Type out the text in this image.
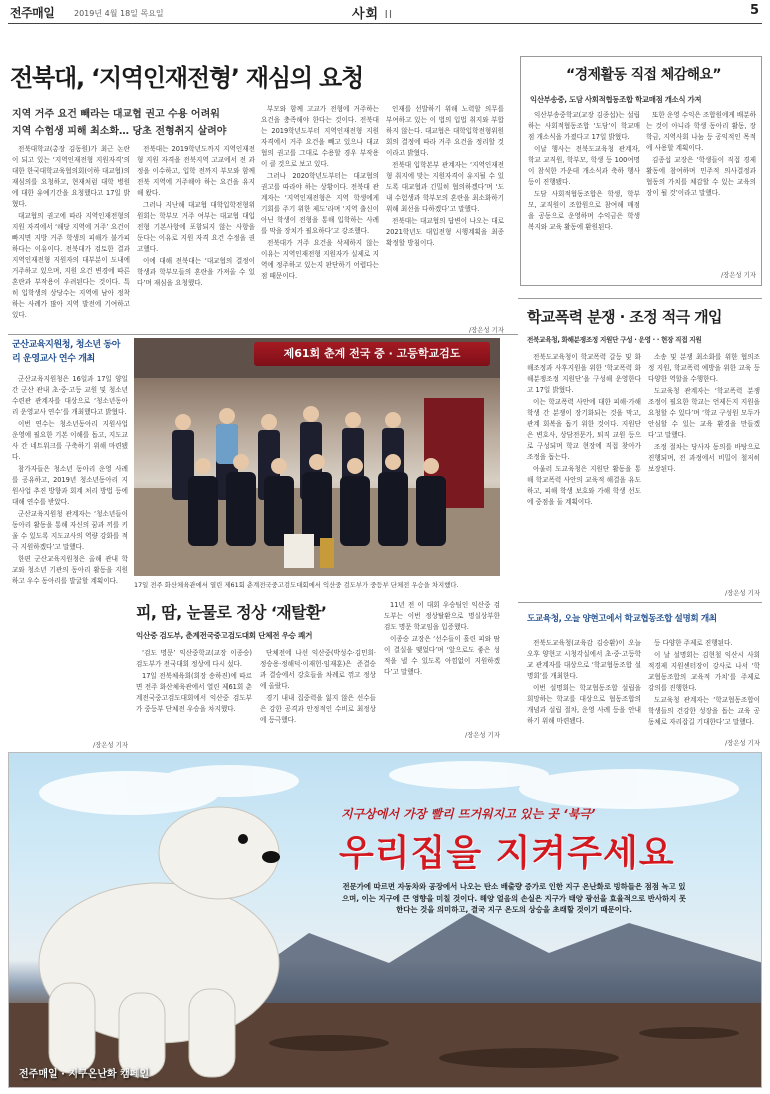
전주매일 2019년 4월 18일 목요일	사회 II	5
전북대, ‘지역인재전형’ 재심의 요청
지역 거주 요건 빼라는 대교협 권고 수용 어려워
지역 수험생 피해 최소화… 당초 전형취지 살려야

전북대학교(총장 김동원)가 최근 논란이 되고 있는 ‘지역인재전형 지원자격’의 대한 한국대학교육협의회(이하 대교협)의 재심의를 요청하고, 현재처럼 대학 병원에 대한 유예기간을 요청했다고 17일 밝혔다.

대교협의 권고에 따라 지역인재전형의 지원 자격에서 ‘해당 지역에 거주’ 요건이 빠지면 지방 거주 학생의 피해가 불가피하다는 이유이다. 전북대가 검토한 결과 지역인재전형 지원자의 대부분이 도내에 거주하고 있으며, 지원 요건 변경에 따른 혼란과 부작용이 우려된다는 것이다. 특히 입학생의 상당수는 지역에 남아 정착하는 사례가 많아 지역 발전에 기여하고 있다.

전북대는 2019학년도까지 지역인재전형 지원 자격을 전북지역 고교에서 전 과정을 이수하고, 입학 전까지 부모와 함께 전북 지역에 거주해야 하는 요건을 유지해 왔다.

그러나 지난해 대교협 대학입학전형위원회는 학부모 거주 여부는 대교협 대입전형 기본사항에 포함되지 않는 사항을 둔다는 이유로 지원 자격 요건 수정을 권고했다.

이에 대해 전북대는 ‘대교협의 결정이 학생과 학부모들의 혼란을 가져올 수 있다’며 재심을 요청했다.

부모와 함께 고교가 전형에 거주하는 요건을 충족해야 한다는 것이다. 전북대는 2019학년도부터 지역인재전형 지원자격에서 거주 요건을 빼고 있으나 대교협의 권고를 그대로 수용할 경우 부작용이 클 것으로 보고 있다.

그러나 2020학년도부터는 대교협의 권고를 따라야 하는 상황이다. 전북대 관계자는 ‘지역인재전형은 지역 학생에게 기회를 주기 위한 제도’라며 ‘지역 출신이 아닌 학생이 전형을 통해 입학하는 사례를 막을 장치가 필요하다’고 강조했다.

전북대가 거주 요건을 삭제하지 않는 이유는 지역인재전형 지원자가 실제로 지역에 정주하고 있는지 판단하기 어렵다는 점 때문이다.

인재를 선발하기 위해 노력할 의무를 부여하고 있는 이 법의 입법 취지와 부합하지 않는다. 대교협은 대학입학전형위원회의 결정에 따라 거주 요건을 정리할 것이라고 밝혔다.

전북대 입학본부 관계자는 ‘지역인재전형 취지에 맞는 지원자격이 유지될 수 있도록 대교협과 긴밀히 협의하겠다’며 ‘도내 수험생과 학부모의 혼란을 최소화하기 위해 최선을 다하겠다’고 말했다.

전북대는 대교협의 답변이 나오는 대로 2021학년도 대입전형 시행계획을 최종 확정할 방침이다.

/장은성 기자
“경제활동 직접 체감해요”
익산부송중, 도담 사회적협동조합 학교매점 개소식 가져

익산부송중학교(교장 김종섭)는 설립하는 사회적협동조합 ‘도담’이 학교매점 개소식을 가졌다고 17일 밝혔다.

이날 행사는 전북도교육청 관계자, 학교 교직원, 학부모, 학생 등 100여명이 참석한 가운데 개소식과 축하 행사 등이 진행됐다.

도담 사회적협동조합은 학생, 학부모, 교직원이 조합원으로 참여해 매점을 공동으로 운영하며 수익금은 학생 복지와 교육 활동에 환원된다.

또한 운영 수익은 조합원에게 배분하는 것이 아니라 학생 동아리 활동, 장학금, 지역사회 나눔 등 공익적인 목적에 사용할 계획이다.

김종섭 교장은 ‘학생들이 직접 경제활동에 참여하며 민주적 의사결정과 협동의 가치를 체감할 수 있는 교육의 장이 될 것’이라고 말했다.

/장은성 기자
학교폭력 분쟁 · 조정 적극 개입
전북교육청, 화해분쟁조정 지원단 구성 · 운영 · · 현장 직접 지원

전북도교육청이 학교폭력 갈등 및 화해조정과 사후지원을 위한 ‘학교폭력 화해분쟁조정 지원단’을 구성해 운영한다고 17일 밝혔다.

이는 학교폭력 사안에 대한 피해·가해 학생 간 분쟁이 장기화되는 것을 막고, 관계 회복을 돕기 위한 것이다. 지원단은 변호사, 상담전문가, 퇴직 교원 등으로 구성되며 학교 현장에 직접 찾아가 조정을 돕는다.

아울러 도교육청은 지원단 활동을 통해 학교폭력 사안의 교육적 해결을 유도하고, 피해 학생 보호와 가해 학생 선도에 중점을 둘 계획이다.

소송 및 분쟁 최소화를 위한 협의조정 지원, 학교폭력 예방을 위한 교육 등 다양한 역할을 수행한다.

도교육청 관계자는 ‘학교폭력 분쟁 조정이 필요한 학교는 언제든지 지원을 요청할 수 있다’며 ‘학교 구성원 모두가 안심할 수 있는 교육 환경을 만들겠다’고 말했다.

조정 절차는 당사자 동의를 바탕으로 진행되며, 전 과정에서 비밀이 철저히 보장된다.

/장은성 기자
군산교육지원청, 청소년 동아리 운영교사 연수 개최

군산교육지원청은 16일과 17일 양일간 군산 관내 초·중·고등 교원 및 청소년수련관 관계자를 대상으로 ‘청소년동아리 운영교사 연수’를 개최했다고 밝혔다.

이번 연수는 청소년동아리 지원사업 운영에 필요한 기본 이해를 돕고, 지도교사 간 네트워크를 구축하기 위해 마련됐다.

참가자들은 청소년 동아리 운영 사례를 공유하고, 2019년 청소년동아리 지원사업 추진 방향과 회계 처리 방법 등에 대해 연수를 받았다.

군산교육지원청 관계자는 ‘청소년들이 동아리 활동을 통해 자신의 꿈과 끼를 키울 수 있도록 지도교사의 역량 강화를 적극 지원하겠다’고 말했다.

한편 군산교육지원청은 올해 관내 학교와 청소년 기관의 동아리 활동을 지원하고 우수 동아리를 발굴할 계획이다.

/장은성 기자
제61회 춘계 전국 중 · 고등학교검도
17일 전주 화산체육관에서 열린 제61회 춘계전국중고검도대회에서 익산중 검도부가 중등부 단체전 우승을 차지했다.
피, 땀, 눈물로 정상 ‘재탈환’
익산중 검도부, 춘계전국중고검도대회 단체전 우승 쾌거

‘검도 명문’ 익산중학교(교장 이종승) 검도부가 전국대회 정상에 다시 섰다.

17일 전북체육회(회장 송하진)에 따르면 전주 화산체육관에서 열린 제61회 춘계전국중고검도대회에서 익산중 검도부가 중등부 단체전 우승을 차지했다.

단체전에 나선 익산중(박성수·김민희·정승용·정해덕·이재헌·임재훈)은 준결승과 결승에서 강호들을 차례로 꺾고 정상에 올랐다.

경기 내내 집중력을 잃지 않은 선수들은 강한 공격과 안정적인 수비로 최정상에 등극했다.

11년 전 이 대회 우승팀인 익산중 검도부는 이번 정상탈환으로 명실상부한 검도 명문 학교임을 입증했다.

이종승 교장은 ‘선수들이 흘린 피와 땀이 결실을 맺었다’며 ‘앞으로도 좋은 성적을 낼 수 있도록 아낌없이 지원하겠다’고 말했다.

/장은성 기자
도교육청, 오늘 양현고에서 학교협동조합 설명회 개최

전북도교육청(교육감 김승환)이 오늘 오후 양현고 시청각실에서 초·중·고등학교 관계자를 대상으로 ‘학교협동조합 설명회’를 개최한다.

이번 설명회는 학교협동조합 설립을 희망하는 학교를 대상으로 협동조합의 개념과 설립 절차, 운영 사례 등을 안내하기 위해 마련됐다.

등 다양한 주제로 진행된다.

이 날 설명회는 김현철 익산시 사회적경제 지원센터장이 강사로 나서 ‘학교협동조합의 교육적 가치’를 주제로 강의를 진행한다.

도교육청 관계자는 ‘학교협동조합이 학생들의 건강한 성장을 돕는 교육 공동체로 자리잡길 기대한다’고 말했다.

/장은성 기자

지구상에서 가장 빨리 뜨거워지고 있는 곳 ‘북극’
우리집을 지켜주세요
전문가에 따르면 자동차와 공장에서 나오는 탄소 배출량 증가로 인한 지구 온난화로 빙하들은 점점 녹고 있으며, 이는 지구에 큰 영향을 미칠 것이다. 해양 얼음의 손실은 지구가 태양 광선을 효율적으로 반사하지 못한다는 것을 의미하고, 결국 지구 온도의 상승을 초래할 것이기 때문이다.
전주매일 · 지구온난화 캠페인
